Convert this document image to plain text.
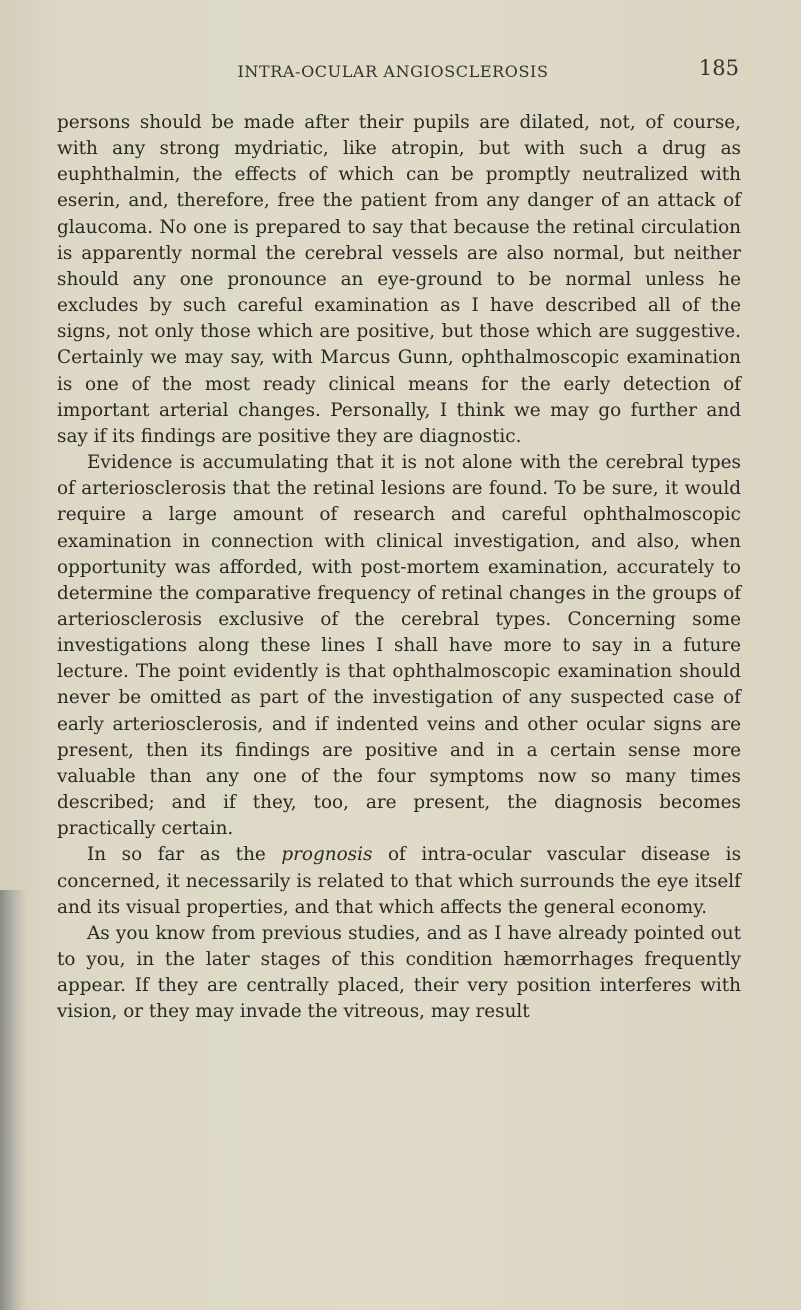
INTRA-OCULAR ANGIOSCLEROSIS	185

persons should be made after their pupils are dilated, not, of course, with any strong mydriatic, like atropin, but with such a drug as euphthalmin, the effects of which can be promptly neutralized with eserin, and, therefore, free the patient from any danger of an attack of glaucoma. No one is prepared to say that because the retinal circulation is apparently normal the cerebral vessels are also normal, but neither should any one pronounce an eye-ground to be normal unless he excludes by such careful examination as I have described all of the signs, not only those which are positive, but those which are suggestive. Certainly we may say, with Marcus Gunn, ophthalmoscopic examination is one of the most ready clinical means for the early detection of important arterial changes. Personally, I think we may go further and say if its findings are positive they are diagnostic.

Evidence is accumulating that it is not alone with the cerebral types of arteriosclerosis that the retinal lesions are found. To be sure, it would require a large amount of research and careful ophthalmoscopic examination in connection with clinical investigation, and also, when opportunity was afforded, with post-mortem examination, accurately to determine the comparative frequency of retinal changes in the groups of arteriosclerosis exclusive of the cerebral types. Concerning some investigations along these lines I shall have more to say in a future lecture. The point evidently is that ophthalmoscopic examination should never be omitted as part of the investigation of any suspected case of early arteriosclerosis, and if indented veins and other ocular signs are present, then its findings are positive and in a certain sense more valuable than any one of the four symptoms now so many times described; and if they, too, are present, the diagnosis becomes practically certain.

In so far as the prognosis of intra-ocular vascular disease is concerned, it necessarily is related to that which surrounds the eye itself and its visual properties, and that which affects the general economy.

As you know from previous studies, and as I have already pointed out to you, in the later stages of this condition hæmorrhages frequently appear. If they are centrally placed, their very position interferes with vision, or they may invade the vitreous, may result
